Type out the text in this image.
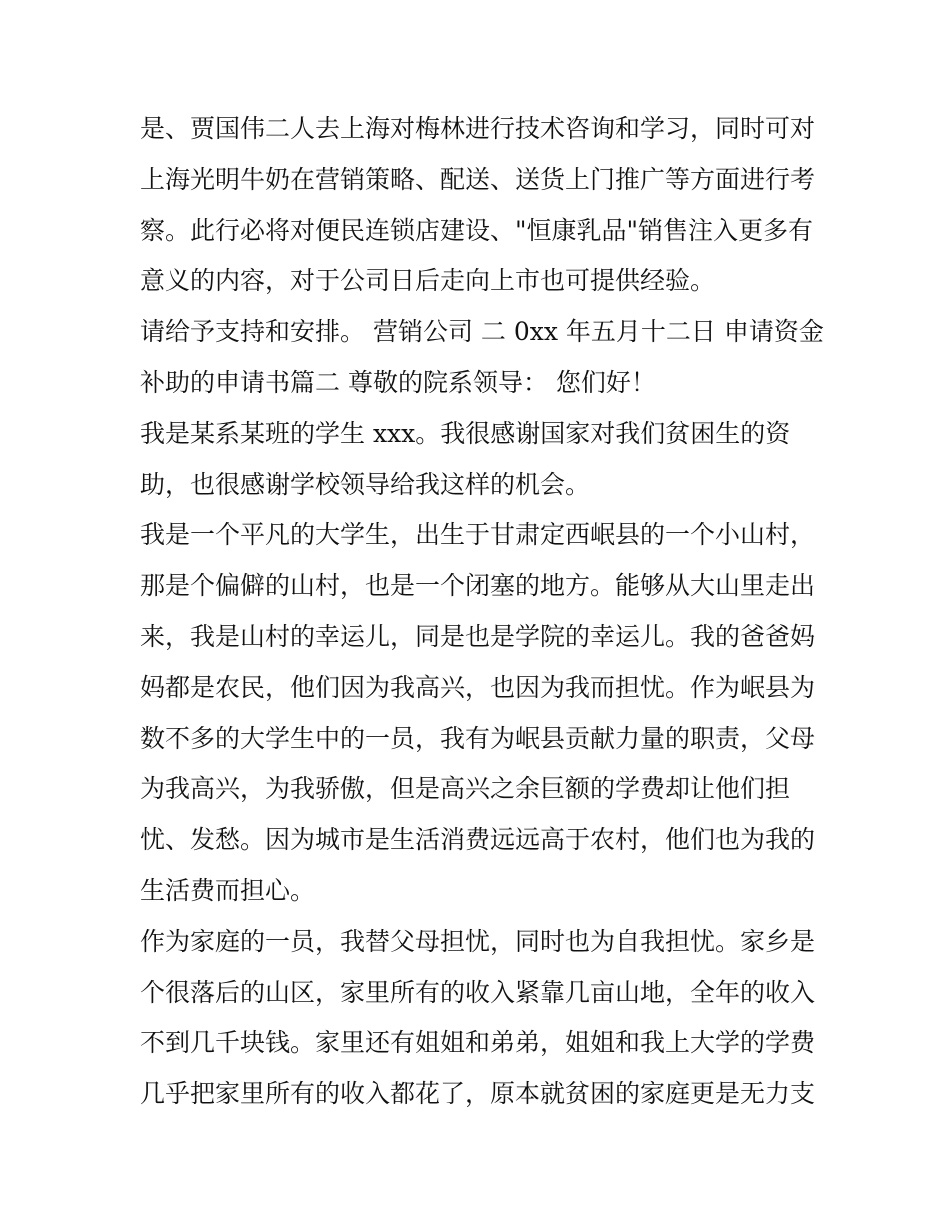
是、贾国伟二人去上海对梅林进行技术咨询和学习，同时可对
上海光明牛奶在营销策略、配送、送货上门推广等方面进行考
察。此行必将对便民连锁店建设、"恒康乳品"销售注入更多有
意义的内容，对于公司日后走向上市也可提供经验。
请给予支持和安排。 营销公司 二 0xx 年五月十二日 申请资金
补助的申请书篇二 尊敬的院系领导： 您们好！
我是某系某班的学生 xxx。我很感谢国家对我们贫困生的资
助，也很感谢学校领导给我这样的机会。
我是一个平凡的大学生，出生于甘肃定西岷县的一个小山村，
那是个偏僻的山村，也是一个闭塞的地方。能够从大山里走出
来，我是山村的幸运儿，同是也是学院的幸运儿。我的爸爸妈
妈都是农民，他们因为我高兴，也因为我而担忧。作为岷县为
数不多的大学生中的一员，我有为岷县贡献力量的职责，父母
为我高兴，为我骄傲，但是高兴之余巨额的学费却让他们担
忧、发愁。因为城市是生活消费远远高于农村，他们也为我的
生活费而担心。
作为家庭的一员，我替父母担忧，同时也为自我担忧。家乡是
个很落后的山区，家里所有的收入紧靠几亩山地，全年的收入
不到几千块钱。家里还有姐姐和弟弟，姐姐和我上大学的学费
几乎把家里所有的收入都花了，原本就贫困的家庭更是无力支
